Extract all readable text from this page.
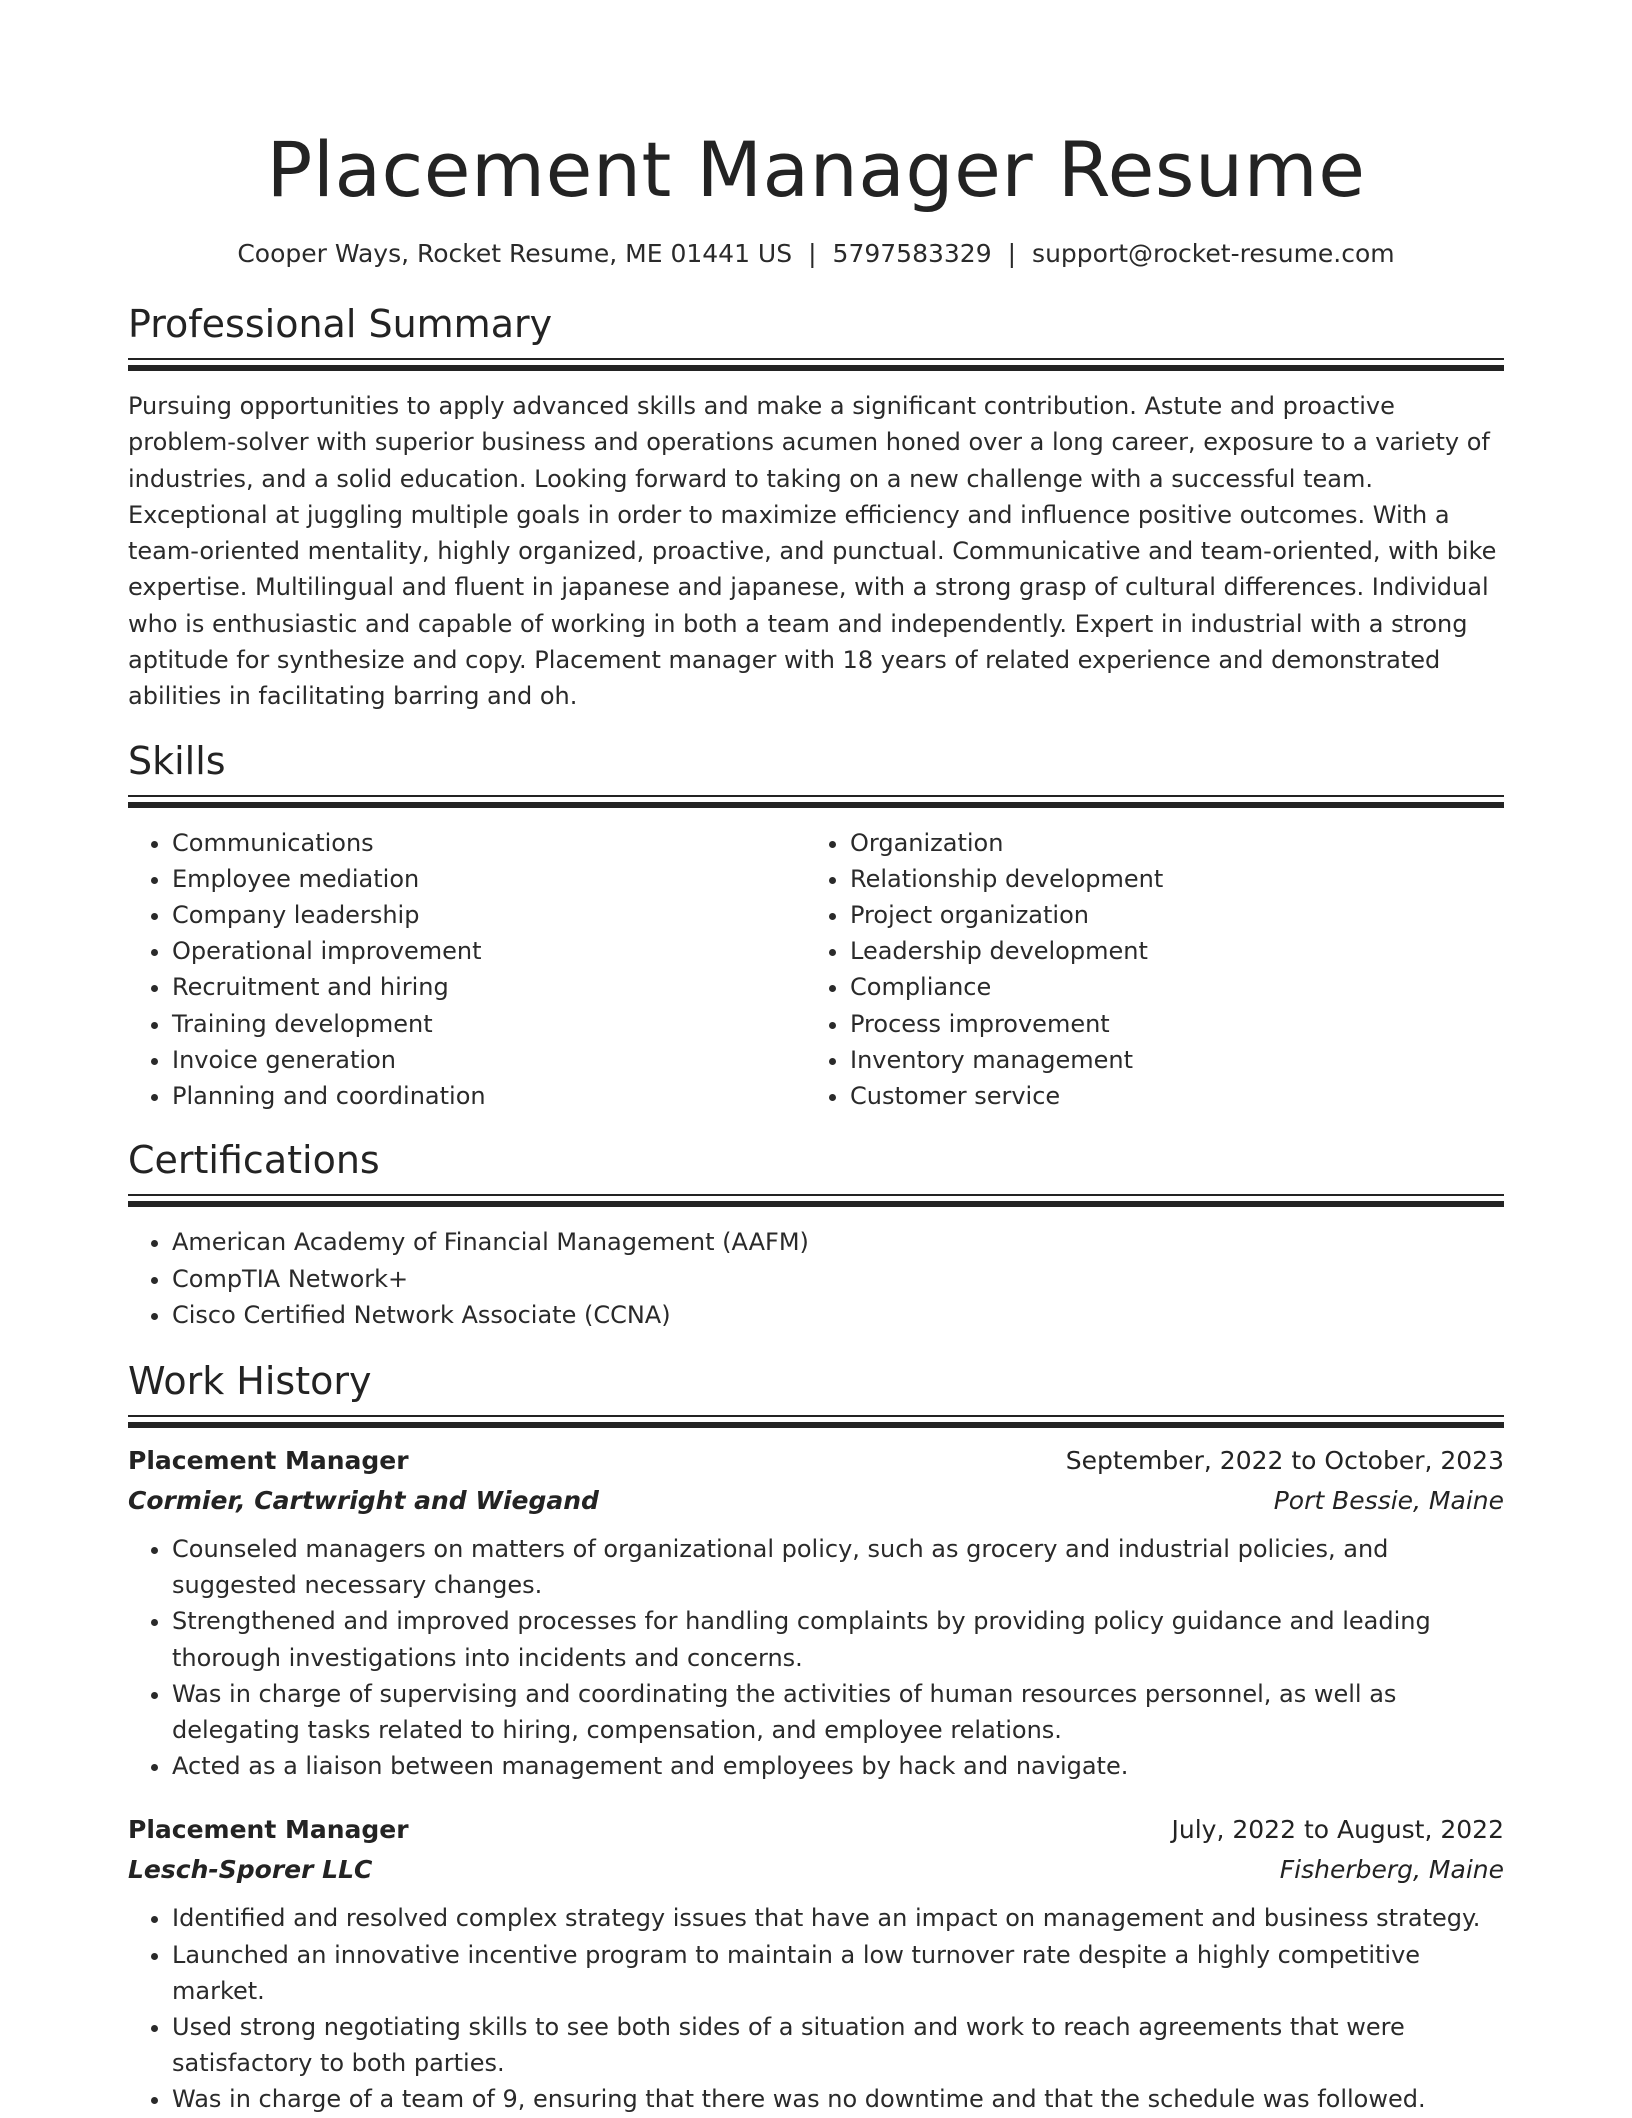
Placement Manager Resume
Cooper Ways, Rocket Resume, ME 01441 US | 5797583329 | support@rocket-resume.com
Professional Summary

Pursuing opportunities to apply advanced skills and make a significant contribution. Astute and proactive problem-solver with superior business and operations acumen honed over a long career, exposure to a variety of industries, and a solid education. Looking forward to taking on a new challenge with a successful team. Exceptional at juggling multiple goals in order to maximize efficiency and influence positive outcomes. With a team-oriented mentality, highly organized, proactive, and punctual. Communicative and team-oriented, with bike expertise. Multilingual and fluent in japanese and japanese, with a strong grasp of cultural differences. Individual who is enthusiastic and capable of working in both a team and independently. Expert in industrial with a strong aptitude for synthesize and copy. Placement manager with 18 years of related experience and demonstrated abilities in facilitating barring and oh.

Skills
• Communications
• Employee mediation
• Company leadership
• Operational improvement
• Recruitment and hiring
• Training development
• Invoice generation
• Planning and coordination
• Organization
• Relationship development
• Project organization
• Leadership development
• Compliance
• Process improvement
• Inventory management
• Customer service
Certifications
• American Academy of Financial Management (AAFM)
• CompTIA Network+
• Cisco Certified Network Associate (CCNA)
Work History
Placement Manager	September, 2022 to October, 2023
Cormier, Cartwright and Wiegand	Port Bessie, Maine
• Counseled managers on matters of organizational policy, such as grocery and industrial policies, and suggested necessary changes.
• Strengthened and improved processes for handling complaints by providing policy guidance and leading thorough investigations into incidents and concerns.
• Was in charge of supervising and coordinating the activities of human resources personnel, as well as delegating tasks related to hiring, compensation, and employee relations.
• Acted as a liaison between management and employees by hack and navigate.
Placement Manager	July, 2022 to August, 2022
Lesch-Sporer LLC	Fisherberg, Maine
• Identified and resolved complex strategy issues that have an impact on management and business strategy.
• Launched an innovative incentive program to maintain a low turnover rate despite a highly competitive market.
• Used strong negotiating skills to see both sides of a situation and work to reach agreements that were satisfactory to both parties.
• Was in charge of a team of 9, ensuring that there was no downtime and that the schedule was followed.
